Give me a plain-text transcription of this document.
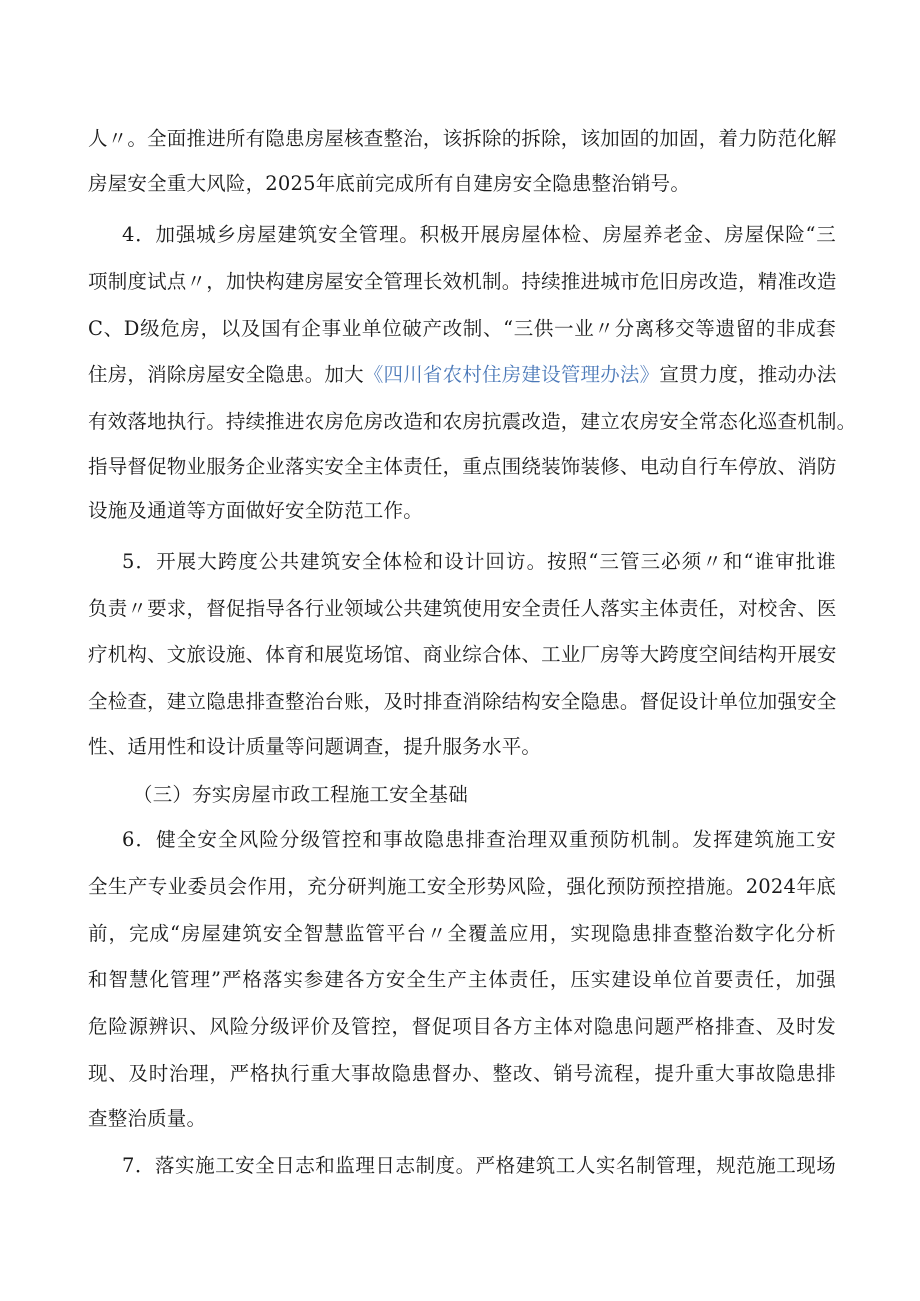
人〃。全面推进所有隐患房屋核查整治，该拆除的拆除，该加固的加固，着力防范化解
房屋安全重大风险，2025年底前完成所有自建房安全隐患整治销号。
4．加强城乡房屋建筑安全管理。积极开展房屋体检、房屋养老金、房屋保险“三
项制度试点〃，加快构建房屋安全管理长效机制。持续推进城市危旧房改造，精准改造
C、D级危房，以及国有企事业单位破产改制、“三供一业〃分离移交等遗留的非成套
住房，消除房屋安全隐患。加大《四川省农村住房建设管理办法》宣贯力度，推动办法
有效落地执行。持续推进农房危房改造和农房抗震改造，建立农房安全常态化巡查机制。
指导督促物业服务企业落实安全主体责任，重点围绕装饰装修、电动自行车停放、消防
设施及通道等方面做好安全防范工作。
5．开展大跨度公共建筑安全体检和设计回访。按照“三管三必须〃和“谁审批谁
负责〃要求，督促指导各行业领域公共建筑使用安全责任人落实主体责任，对校舍、医
疗机构、文旅设施、体育和展览场馆、商业综合体、工业厂房等大跨度空间结构开展安
全检查，建立隐患排查整治台账，及时排查消除结构安全隐患。督促设计单位加强安全
性、适用性和设计质量等问题调查，提升服务水平。
（三）夯实房屋市政工程施工安全基础
6．健全安全风险分级管控和事故隐患排查治理双重预防机制。发挥建筑施工安
全生产专业委员会作用，充分研判施工安全形势风险，强化预防预控措施。2024年底
前，完成“房屋建筑安全智慧监管平台〃全覆盖应用，实现隐患排查整治数字化分析
和智慧化管理”严格落实参建各方安全生产主体责任，压实建设单位首要责任，加强
危险源辨识、风险分级评价及管控，督促项目各方主体对隐患问题严格排查、及时发
现、及时治理，严格执行重大事故隐患督办、整改、销号流程，提升重大事故隐患排
查整治质量。
7．落实施工安全日志和监理日志制度。严格建筑工人实名制管理，规范施工现场
